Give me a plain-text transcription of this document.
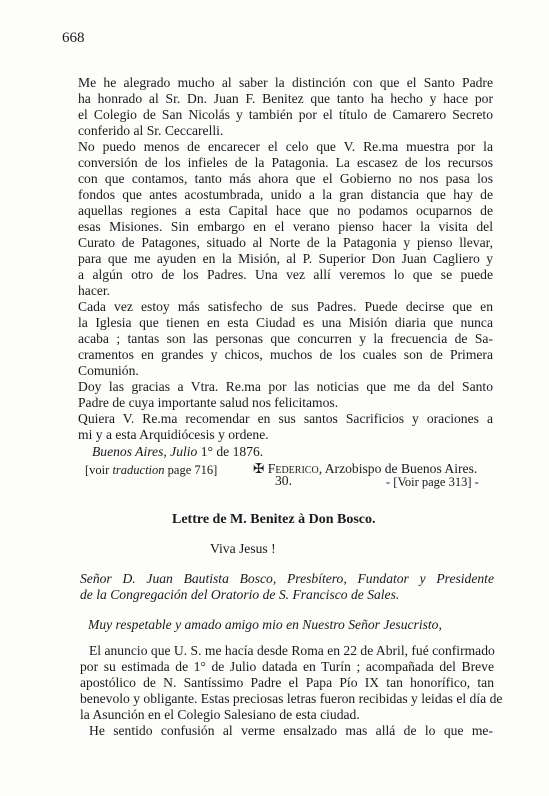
668
Me he alegrado mucho al saber la distinción con que el Santo Padre
ha honrado al Sr. Dn. Juan F. Benitez que tanto ha hecho y hace por
el Colegio de San Nicolás y también por el título de Camarero Secreto
conferido al Sr. Ceccarelli.
No puedo menos de encarecer el celo que V. Re.ma muestra por la
conversión de los infieles de la Patagonia. La escasez de los recursos
con que contamos, tanto más ahora que el Gobierno no nos pasa los
fondos que antes acostumbrada, unido a la gran distancia que hay de
aquellas regiones a esta Capital hace que no podamos ocuparnos de
esas Misiones. Sin embargo en el verano pienso hacer la visita del
Curato de Patagones, situado al Norte de la Patagonia y pienso llevar,
para que me ayuden en la Misión, al P. Superior Don Juan Cagliero y
a algún otro de los Padres. Una vez allí veremos lo que se puede
hacer.
Cada vez estoy más satisfecho de sus Padres. Puede decirse que en
la Iglesia que tienen en esta Ciudad es una Misión diaria que nunca
acaba ; tantas son las personas que concurren y la frecuencia de Sa-
cramentos en grandes y chicos, muchos de los cuales son de Primera
Comunión.
Doy las gracias a Vtra. Re.ma por las noticias que me da del Santo
Padre de cuya importante salud nos felicitamos.
Quiera V. Re.ma recomendar en sus santos Sacrificios y oraciones a
mi y a esta Arquidiócesis y ordene.
Buenos Aires, Julio 1° de 1876.
[voir traduction page 716]	✠ Federico, Arzobispo de Buenos Aires.
30.	- [Voir page 313] -
Lettre de M. Benitez à Don Bosco.
Viva Jesus !
Señor D. Juan Bautista Bosco, Presbítero, Fundator y Presidente
de la Congregación del Oratorio de S. Francisco de Sales.
Muy respetable y amado amigo mio en Nuestro Señor Jesucristo,
El anuncio que U. S. me hacía desde Roma en 22 de Abril, fué confirmado
por su estimada de 1° de Julio datada en Turín ; acompañada del Breve
apostólico de N. Santíssimo Padre el Papa Pío IX tan honorífico, tan
benevolo y obligante. Estas preciosas letras fueron recibidas y leidas el día de
la Asunción en el Colegio Salesiano de esta ciudad.
He sentido confusión al verme ensalzado mas allá de lo que me-
